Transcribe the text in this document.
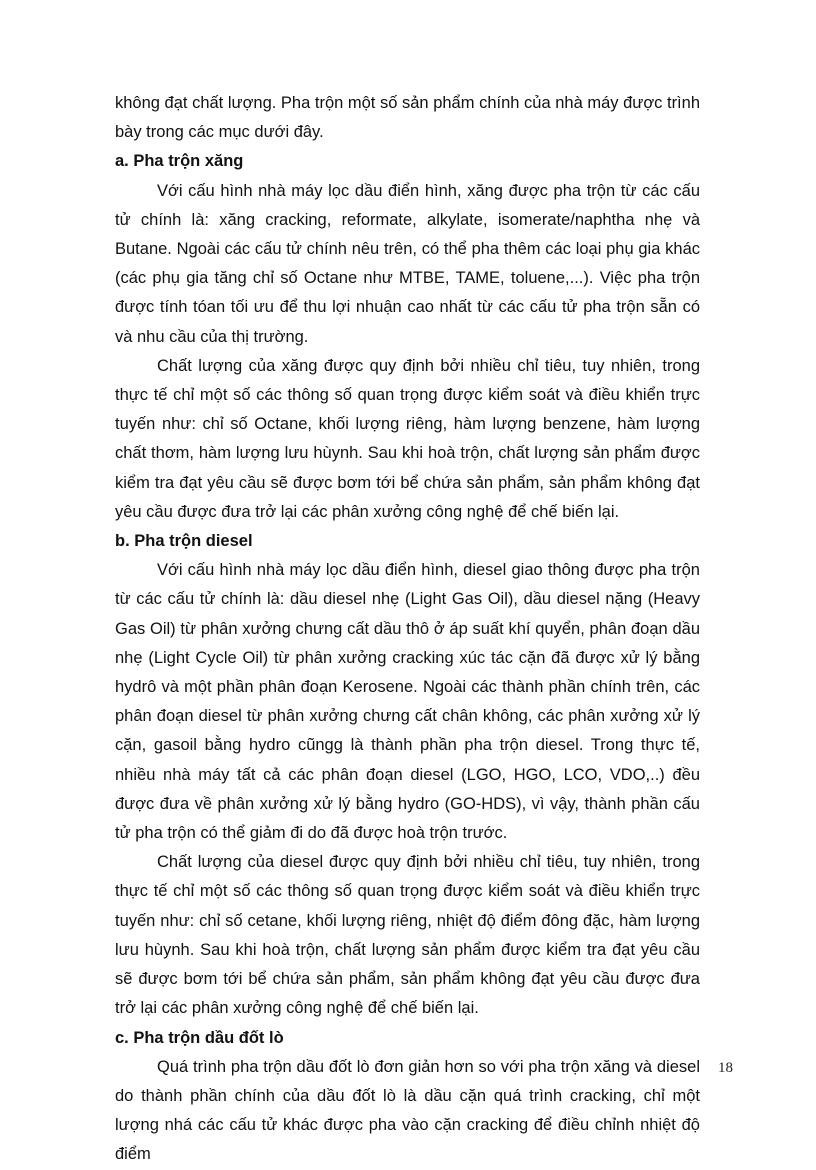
không đạt chất lượng. Pha trộn một số sản phẩm chính của nhà máy được trình bày trong các mục dưới đây.

a. Pha trộn xăng

Với cấu hình nhà máy lọc dầu điển hình, xăng được pha trộn từ các cấu tử chính là: xăng cracking, reformate, alkylate, isomerate/naphtha nhẹ và Butane. Ngoài các cấu tử chính nêu trên, có thể pha thêm các loại phụ gia khác (các phụ gia tăng chỉ số Octane như MTBE, TAME, toluene,...). Việc pha trộn được tính tóan tối ưu để thu lợi nhuận cao nhất từ các cấu tử pha trộn sẵn có và nhu cầu của thị trường.

Chất lượng của xăng được quy định bởi nhiều chỉ tiêu, tuy nhiên, trong thực tế chỉ một số các thông số quan trọng được kiểm soát và điều khiển trực tuyến như: chỉ số Octane, khối lượng riêng, hàm lượng benzene, hàm lượng chất thơm, hàm lượng lưu hùynh. Sau khi hoà trộn, chất lượng sản phẩm được kiểm tra đạt yêu cầu sẽ được bơm tới bể chứa sản phẩm, sản phẩm không đạt yêu cầu được đưa trở lại các phân xưởng công nghệ để chế biến lại.

b. Pha trộn diesel

Với cấu hình nhà máy lọc dầu điển hình, diesel giao thông được pha trộn từ các cấu tử chính là: dầu diesel nhẹ (Light Gas Oil), dầu diesel nặng (Heavy Gas Oil) từ phân xưởng chưng cất dầu thô ở áp suất khí quyển, phân đoạn dầu nhẹ (Light Cycle Oil) từ phân xưởng cracking xúc tác cặn đã được xử lý bằng hydrô và một phần phân đoạn Kerosene. Ngoài các thành phần chính trên, các phân đoạn diesel từ phân xưởng chưng cất chân không, các phân xưởng xử lý cặn, gasoil bằng hydro cũngg là thành phần pha trộn diesel. Trong thực tế, nhiều nhà máy tất cả các phân đoạn diesel (LGO, HGO, LCO, VDO,..) đều được đưa về phân xưởng xử lý bằng hydro (GO-HDS), vì vậy, thành phần cấu tử pha trộn có thể giảm đi do đã được hoà trộn trước.

Chất lượng của diesel được quy định bởi nhiều chỉ tiêu, tuy nhiên, trong thực tế chỉ một số các thông số quan trọng được kiểm soát và điều khiển trực tuyến như: chỉ số cetane, khối lượng riêng, nhiệt độ điểm đông đặc, hàm lượng lưu hùynh. Sau khi hoà trộn, chất lượng sản phẩm được kiểm tra đạt yêu cầu sẽ được bơm tới bể chứa sản phẩm, sản phẩm không đạt yêu cầu được đưa trở lại các phân xưởng công nghệ để chế biến lại.

c. Pha trộn dầu đốt lò

Quá trình pha trộn dầu đốt lò đơn giản hơn so với pha trộn xăng và diesel do thành phần chính của dầu đốt lò là dầu cặn quá trình cracking, chỉ một lượng nhá các cấu tử khác được pha vào cặn cracking để điều chỉnh nhiệt độ điểm

18
